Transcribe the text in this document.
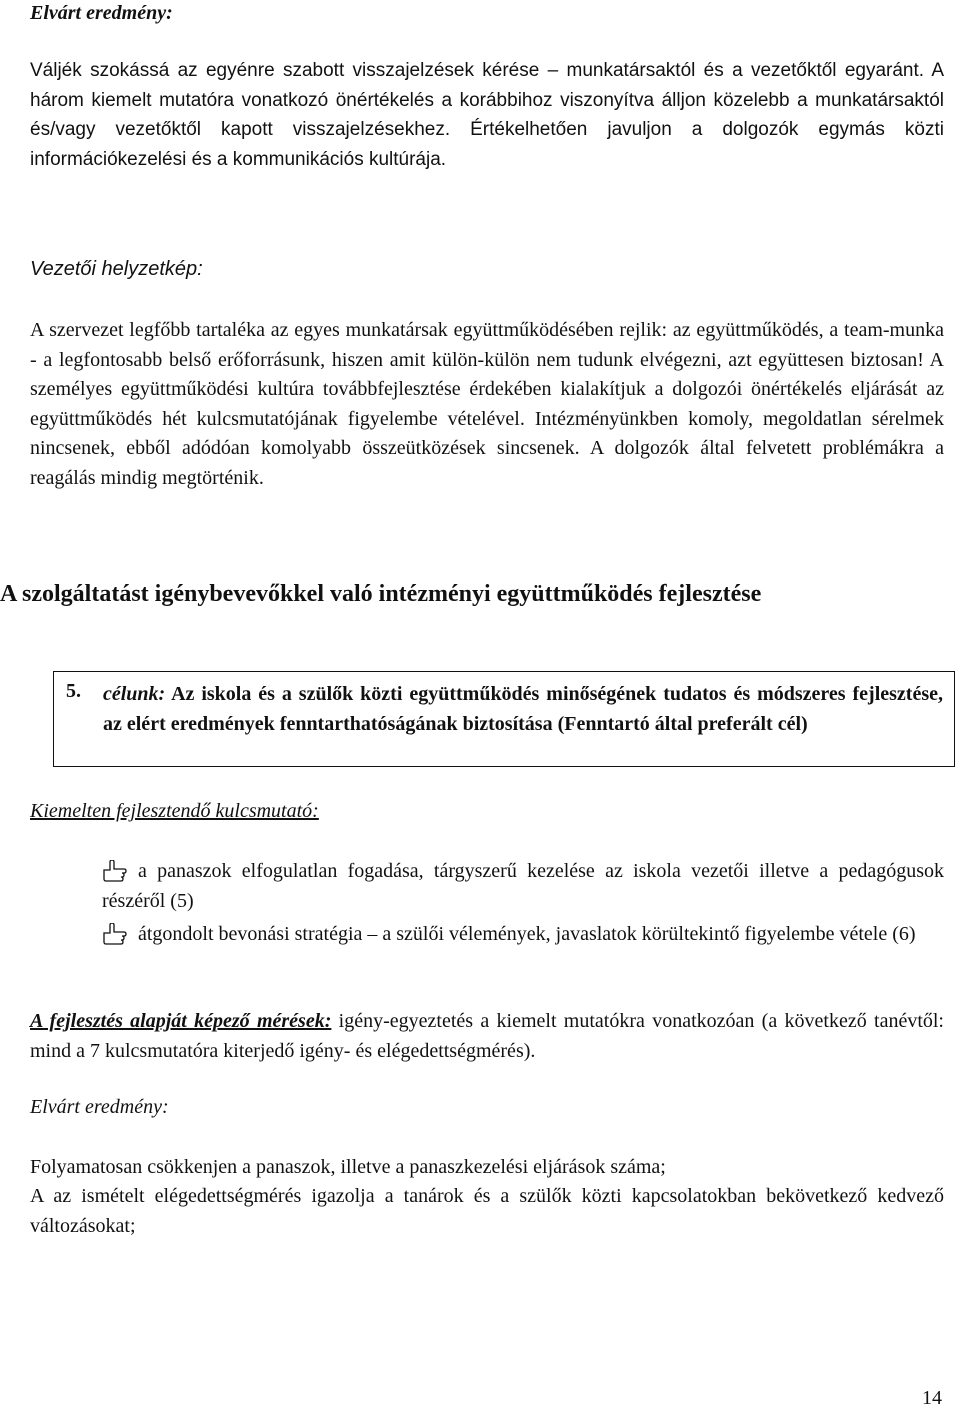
Elvárt eredmény:
Váljék szokássá az egyénre szabott visszajelzések kérése – munkatársaktól és a vezetőktől egyaránt. A három kiemelt mutatóra vonatkozó önértékelés a korábbihoz viszonyítva álljon közelebb a munkatársaktól és/vagy vezetőktől kapott visszajelzésekhez. Értékelhetően javuljon a dolgozók egymás közti információkezelési és a kommunikációs kultúrája.
Vezetői helyzetkép:
A szervezet legfőbb tartaléka az egyes munkatársak együttműködésében rejlik: az együttműködés, a team-munka - a legfontosabb belső erőforrásunk, hiszen amit külön-külön nem tudunk elvégezni, azt együttesen biztosan! A személyes együttműködési kultúra továbbfejlesztése érdekében kialakítjuk a dolgozói önértékelés eljárását az együttműködés hét kulcsmutatójának figyelembe vételével. Intézményünkben komoly, megoldatlan sérelmek nincsenek, ebből adódóan komolyabb összeütközések sincsenek. A dolgozók által felvetett problémákra a reagálás mindig megtörténik.
A szolgáltatást igénybevevőkkel való intézményi együttműködés fejlesztése
5. célunk: Az iskola és a szülők közti együttműködés minőségének tudatos és módszeres fejlesztése, az elért eredmények fenntarthatóságának biztosítása (Fenntartó által preferált cél)
Kiemelten fejlesztendő kulcsmutató:
a panaszok elfogulatlan fogadása, tárgyszerű kezelése az iskola vezetői illetve a pedagógusok részéről (5)
átgondolt bevonási stratégia – a szülői vélemények, javaslatok körültekintő figyelembe vétele (6)
A fejlesztés alapját képező mérések: igény-egyeztetés a kiemelt mutatókra vonatkozóan (a következő tanévtől: mind a 7 kulcsmutatóra kiterjedő igény- és elégedettségmérés).
Elvárt eredmény:
Folyamatosan csökkenjen a panaszok, illetve a panaszkezelési eljárások száma;
A az ismételt elégedettségmérés igazolja a tanárok és a szülők közti kapcsolatokban bekövetkező kedvező változásokat;
14
